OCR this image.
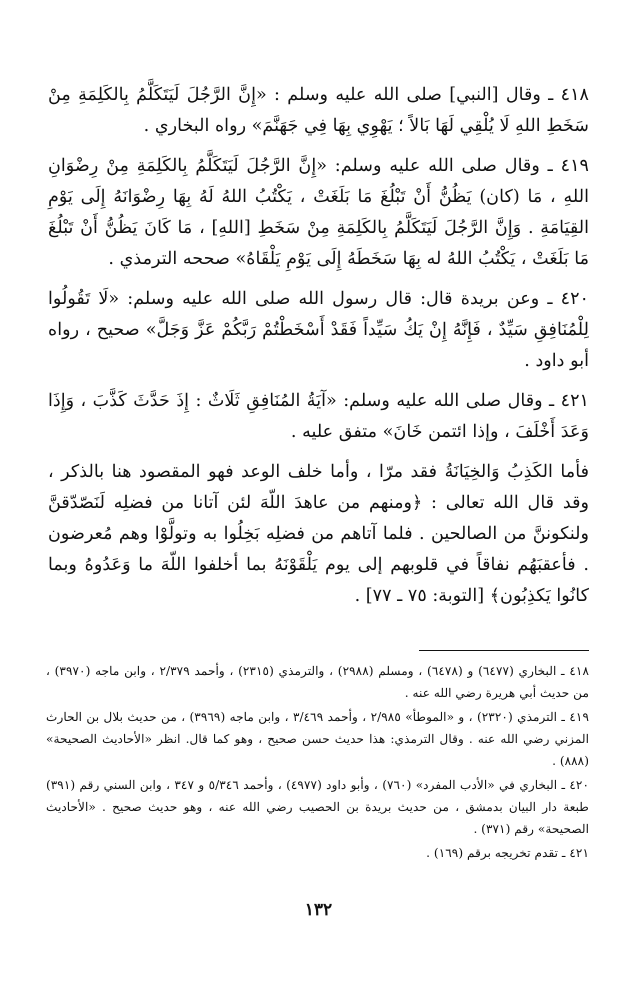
٤١٨ ـ وقال [النبي] صلى الله عليه وسلم : «إِنَّ الرَّجُلَ لَيَتَكَلَّمُ بِالكَلِمَةِ مِنْ سَخَطِ اللهِ لَا يُلْقِي لَهَا بَالاً ؛ يَهْوِي بِهَا فِي جَهَنَّمَ» رواه البخاري .

٤١٩ ـ وقال صلى الله عليه وسلم: «إِنَّ الرَّجُلَ لَيَتَكَلَّمُ بِالكَلِمَةِ مِنْ رِضْوَانِ اللهِ ، مَا (كان) يَظُنُّ أَنْ تَبْلُغَ مَا بَلَغَتْ ، يَكْتُبُ اللهُ لَهُ بِهَا رِضْوَانَهُ إِلَى يَوْمِ القِيَامَةِ . وَإِنَّ الرَّجُلَ لَيَتَكَلَّمُ بِالكَلِمَةِ مِنْ سَخَطِ [اللهِ] ، مَا كَانَ يَظُنُّ أَنْ تَبْلُغَ مَا بَلَغَتْ ، يَكْتُبُ اللهُ له بِهَا سَخَطَهُ إِلَى يَوْمِ يَلْقَاهُ» صححه الترمذي .

٤٢٠ ـ وعن بريدة قال: قال رسول الله صلى الله عليه وسلم: «لَا تَقُولُوا لِلْمُنَافِقِ سَيِّدٌ ، فَإِنَّهُ إِنْ يَكُ سَيِّداً فَقَدْ أَسْخَطْتُمْ رَبَّكُمْ عَزَّ وَجَلَّ» صحيح ، رواه أبو داود .

٤٢١ ـ وقال صلى الله عليه وسلم: «آيَةُ المُنَافِقِ ثَلَاثٌ : إِذَ حَدَّثَ كَذَّبَ ، وَإِذَا وَعَدَ أَخْلَفَ ، وإذا ائتمن خَانَ» متفق عليه .

فأما الكَذِبُ وَالخِيَانَةُ فقد مرّا ، وأما خلف الوعد فهو المقصود هنا بالذكر ، وقد قال الله تعالى : ﴿ومنهم من عاهدَ اللّهَ لئن آتانا من فضلِه لَنَصّدّقنَّ ولنكوننَّ من الصالحين . فلما آتاهم من فضلِه بَخِلُوا به وتولَّوْا وهم مُعرضون . فأعقبَهُم نفاقاً في قلوبهم إلى يوم يَلْقَوْنَهُ بما أخلفوا اللّهَ ما وَعَدُوهُ وبما كانُوا يَكذِبُون﴾ [التوبة: ٧٥ ـ ٧٧] .

٤١٨ ـ البخاري (٦٤٧٧) و (٦٤٧٨) ، ومسلم (٢٩٨٨) ، والترمذي (٢٣١٥) ، وأحمد ٢/٣٧٩ ، وابن ماجه (٣٩٧٠) ، من حديث أبي هريرة رضي الله عنه .

٤١٩ ـ الترمذي (٢٣٢٠) ، و «الموطأ» ٢/٩٨٥ ، وأحمد ٣/٤٦٩ ، وابن ماجه (٣٩٦٩) ، من حديث بلال بن الحارث المزني رضي الله عنه . وقال الترمذي: هذا حديث حسن صحيح ، وهو كما قال. انظر «الأحاديث الصحيحة» (٨٨٨) .

٤٢٠ ـ البخاري في «الأدب المفرد» (٧٦٠) ، وأبو داود (٤٩٧٧) ، وأحمد ٥/٣٤٦ و ٣٤٧ ، وابن السني رقم (٣٩١) طبعة دار البيان بدمشق ، من حديث بريدة بن الحصيب رضي الله عنه ، وهو حديث صحيح . «الأحاديث الصحيحة» رقم (٣٧١) .

٤٢١ ـ تقدم تخريجه برقم (١٦٩) .

١٣٢
